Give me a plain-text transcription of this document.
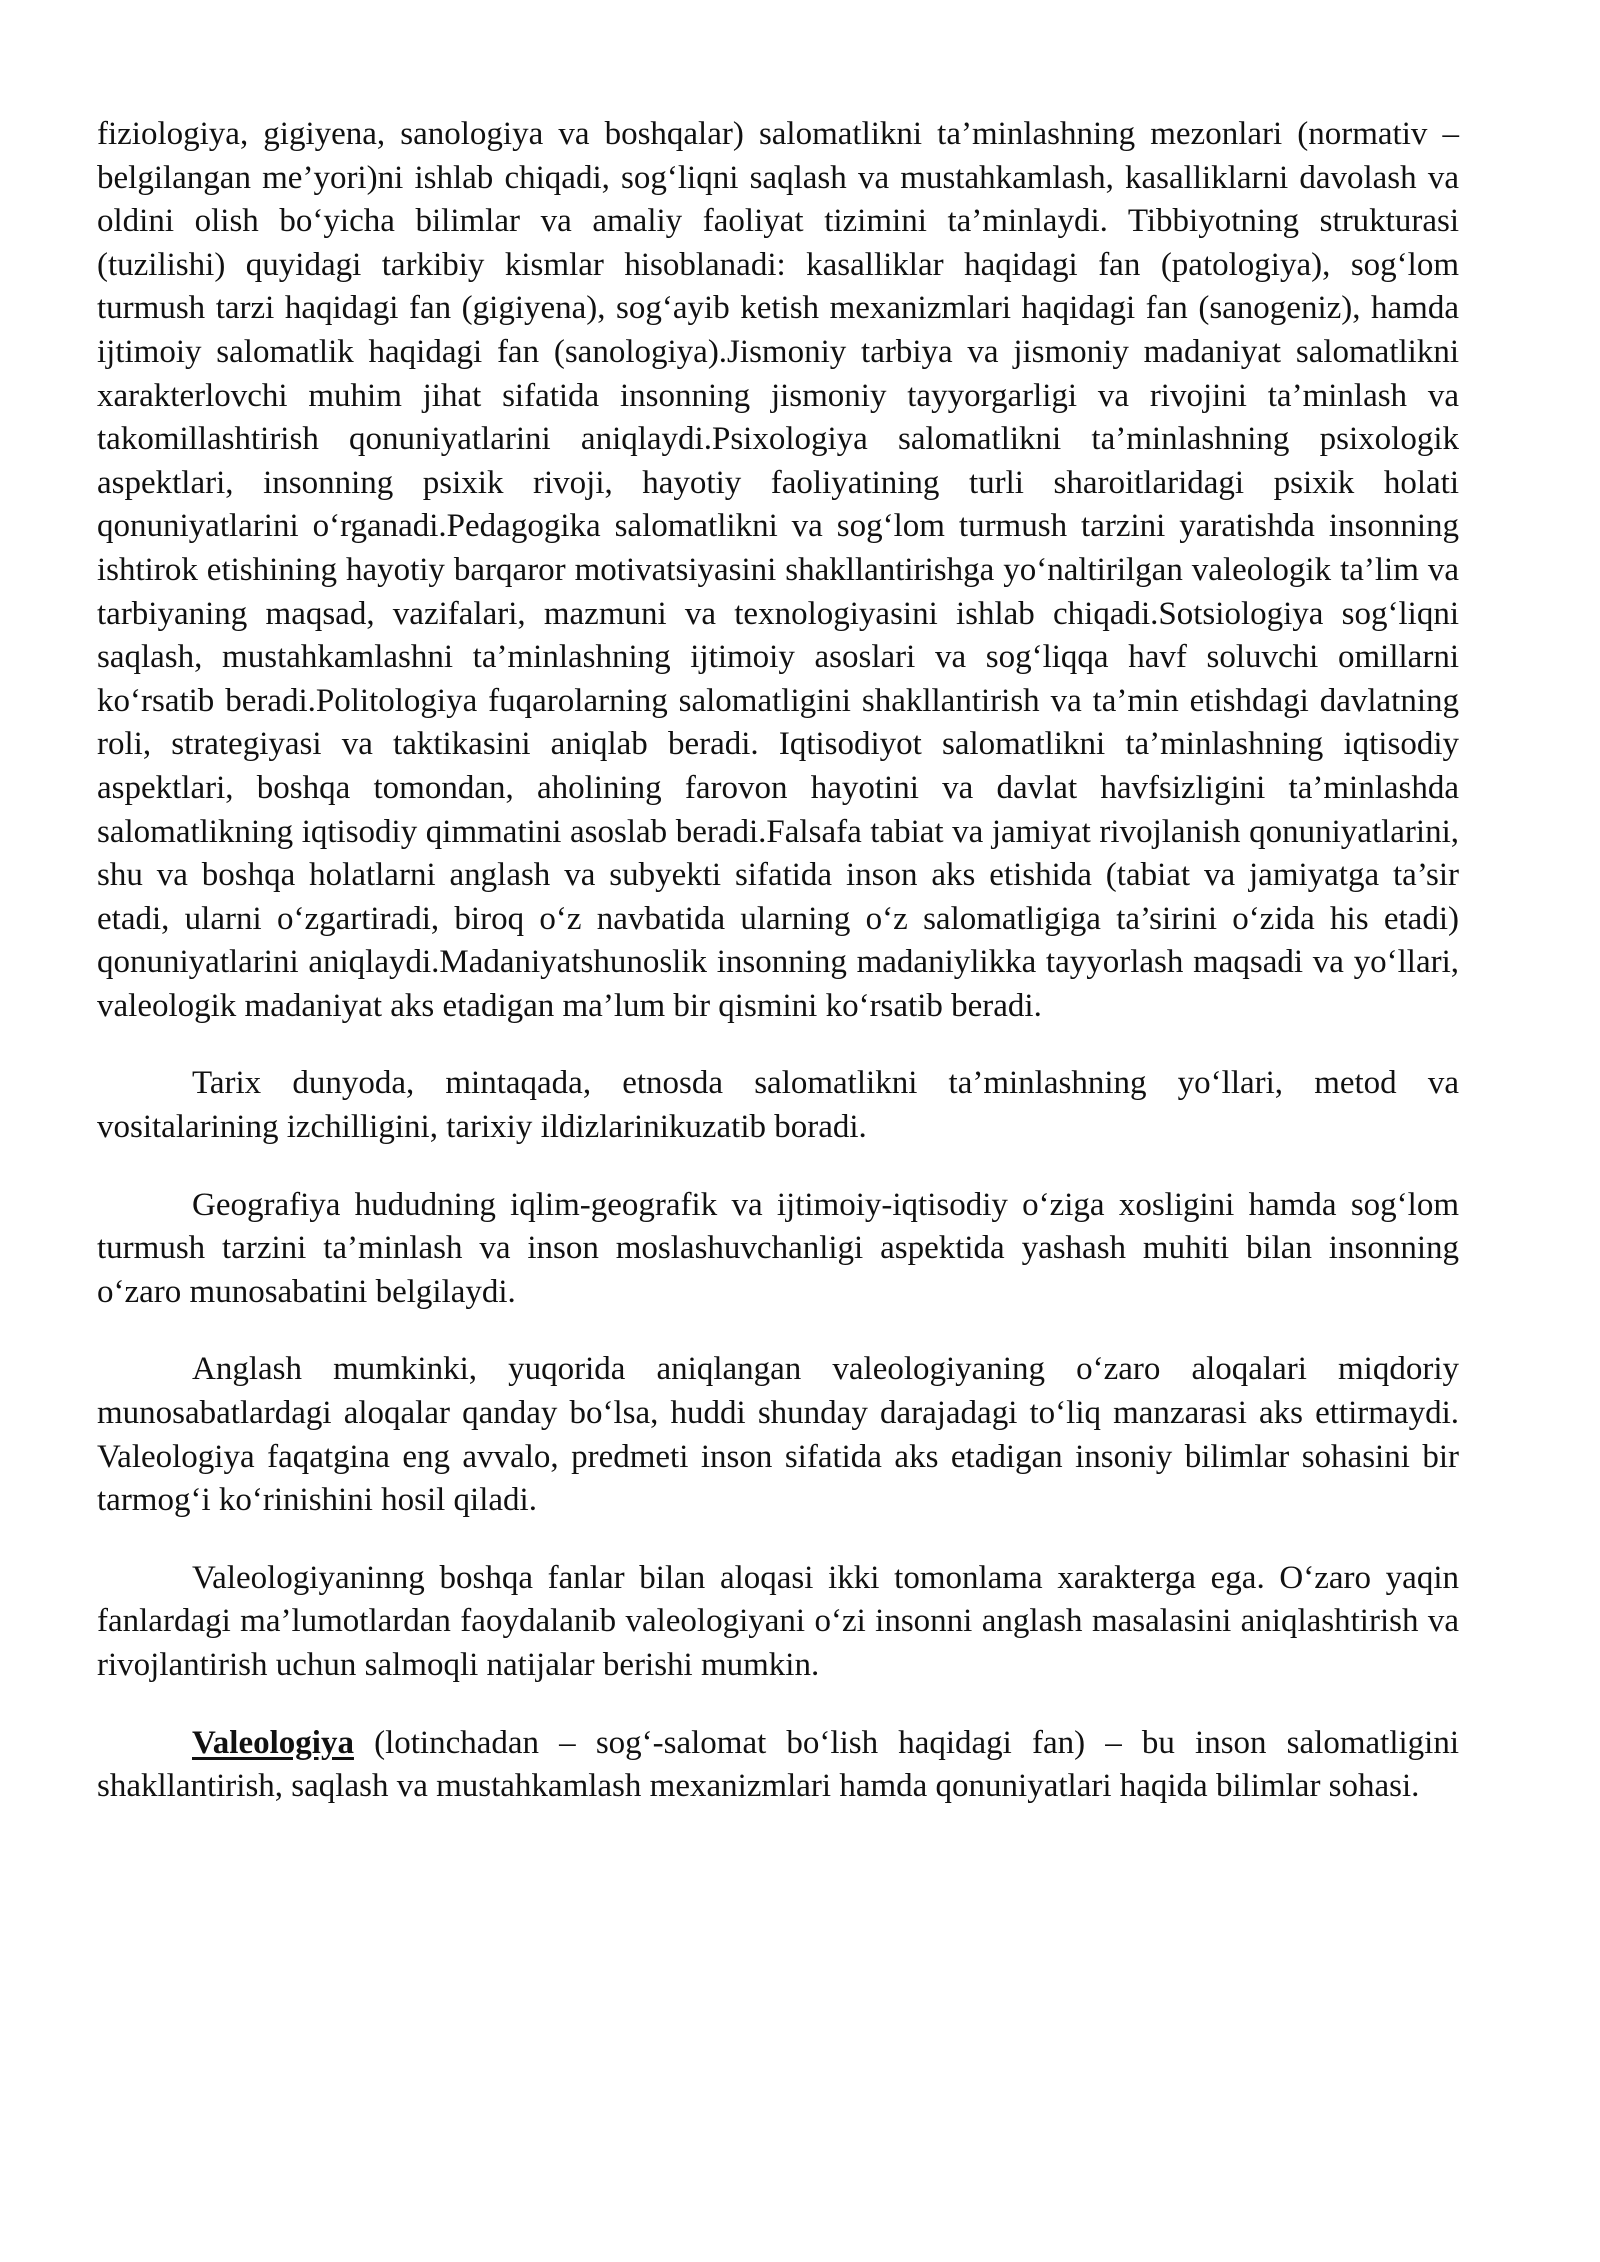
fiziologiya, gigiyena, sanologiya va boshqalar) salomatlikni ta’minlashning mezonlari (normativ – belgilangan me’yori)ni ishlab chiqadi, sog‘liqni saqlash va mustahkamlash, kasalliklarni davolash va oldini olish bo‘yicha bilimlar va amaliy faoliyat tizimini ta’minlaydi. Tibbiyotning strukturasi (tuzilishi) quyidagi tarkibiy kismlar hisoblanadi: kasalliklar haqidagi fan (patologiya), sog‘lom turmush tarzi haqidagi fan (gigiyena), sog‘ayib ketish mexanizmlari haqidagi fan (sanogeniz), hamda ijtimoiy salomatlik haqidagi fan (sanologiya).Jismoniy tarbiya va jismoniy madaniyat salomatlikni xarakterlovchi muhim jihat sifatida insonning jismoniy tayyorgarligi va rivojini ta’minlash va takomillashtirish qonuniyatlarini aniqlaydi.Psixologiya salomatlikni ta’minlashning psixologik aspektlari, insonning psixik rivoji, hayotiy faoliyatining turli sharoitlaridagi psixik holati qonuniyatlarini o‘rganadi.Pedagogika salomatlikni va sog‘lom turmush tarzini yaratishda insonning ishtirok etishining hayotiy barqaror motivatsiyasini shakllantirishga yo‘naltirilgan valeologik ta’lim va tarbiyaning maqsad, vazifalari, mazmuni va texnologiyasini ishlab chiqadi.Sotsiologiya sog‘liqni saqlash, mustahkamlashni ta’minlashning ijtimoiy asoslari va sog‘liqqa havf soluvchi omillarni ko‘rsatib beradi.Politologiya fuqarolarning salomatligini shakllantirish va ta’min etishdagi davlatning roli, strategiyasi va taktikasini aniqlab beradi. Iqtisodiyot salomatlikni ta’minlashning iqtisodiy aspektlari, boshqa tomondan, aholining farovon hayotini va davlat havfsizligini ta’minlashda salomatlikning iqtisodiy qimmatini asoslab beradi.Falsafa tabiat va jamiyat rivojlanish qonuniyatlarini, shu va boshqa holatlarni anglash va subyekti sifatida inson aks etishida (tabiat va jamiyatga ta’sir etadi, ularni o‘zgartiradi, biroq o‘z navbatida ularning o‘z salomatligiga ta’sirini o‘zida his etadi) qonuniyatlarini aniqlaydi.Madaniyatshunoslik insonning madaniylikka tayyorlash maqsadi va yo‘llari, valeologik madaniyat aks etadigan ma’lum bir qismini ko‘rsatib beradi.

Tarix dunyoda, mintaqada, etnosda salomatlikni ta’minlashning yo‘llari, metod va vositalarining izchilligini, tarixiy ildizlarinikuzatib boradi.

Geografiya hududning iqlim-geografik va ijtimoiy-iqtisodiy o‘ziga xosligini hamda sog‘lom turmush tarzini ta’minlash va inson moslashuvchanligi aspektida yashash muhiti bilan insonning o‘zaro munosabatini belgilaydi.

Anglash mumkinki, yuqorida aniqlangan valeologiyaning o‘zaro aloqalari miqdoriy munosabatlardagi aloqalar qanday bo‘lsa, huddi shunday darajadagi to‘liq manzarasi aks ettirmaydi. Valeologiya faqatgina eng avvalo, predmeti inson sifatida aks etadigan insoniy bilimlar sohasini bir tarmog‘i ko‘rinishini hosil qiladi.

Valeologiyaninng boshqa fanlar bilan aloqasi ikki tomonlama xarakterga ega. O‘zaro yaqin fanlardagi ma’lumotlardan faoydalanib valeologiyani o‘zi insonni anglash masalasini aniqlashtirish va rivojlantirish uchun salmoqli natijalar berishi mumkin.

Valeologiya (lotinchadan – sog‘-salomat bo‘lish haqidagi fan) – bu inson salomatligini shakllantirish, saqlash va mustahkamlash mexanizmlari hamda qonuniyatlari haqida bilimlar sohasi.
